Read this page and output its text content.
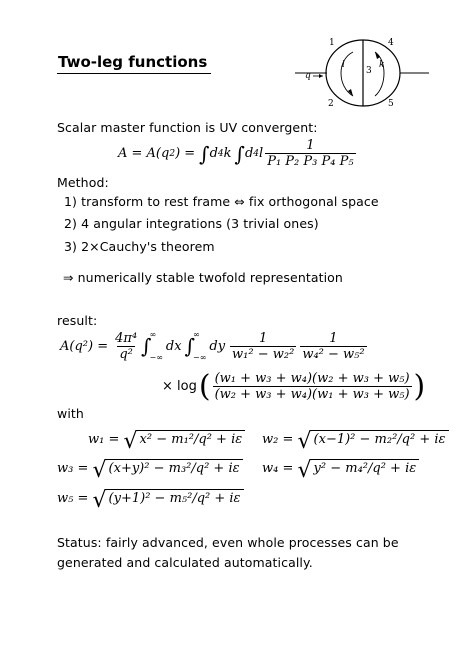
Two-leg functions
1
2
3
4
5
q
l	k
Scalar master function is UV convergent:
A = A(q 2 ) = ∫ d 4 k ∫ d 4 l $\frac{1}{\text{P₁ P₂ P₃ P₄ P₅}}$
Method:
1) transform to rest frame ⇔ fix orthogonal space
2) 4 angular integrations (3 trivial ones)
3) 2×Cauchy's theorem
⇒ numerically stable twofold representation
result:
$A(q^2) = \frac{\text{4π⁴}}{\text{q²}}$ ∫
∞
−∞
dx ∫
∞
−∞
dy $\frac{1}{\text{w₁² − w₂²}} \frac{1}{\text{w₄² − w₅²}}$
× log ( $\frac{\text{(w₁ + w₃ + w₄)(w₂ + w₃ + w₅)}}{\text{(w₂ + w₃ + w₄)(w₁ + w₃ + w₅)}}$ )
with
w₁ = √ x² − m₁²/q² + iε w₂ = √ (x−1)² − m₂²/q² + iε
w₃ = √ (x+y)² − m₃²/q² + iε w₄ = √ y² − m₄²/q² + iε
w₅ = √ (y+1)² − m₅²/q² + iε
Status: fairly advanced, even whole processes can be
generated and calculated automatically.
